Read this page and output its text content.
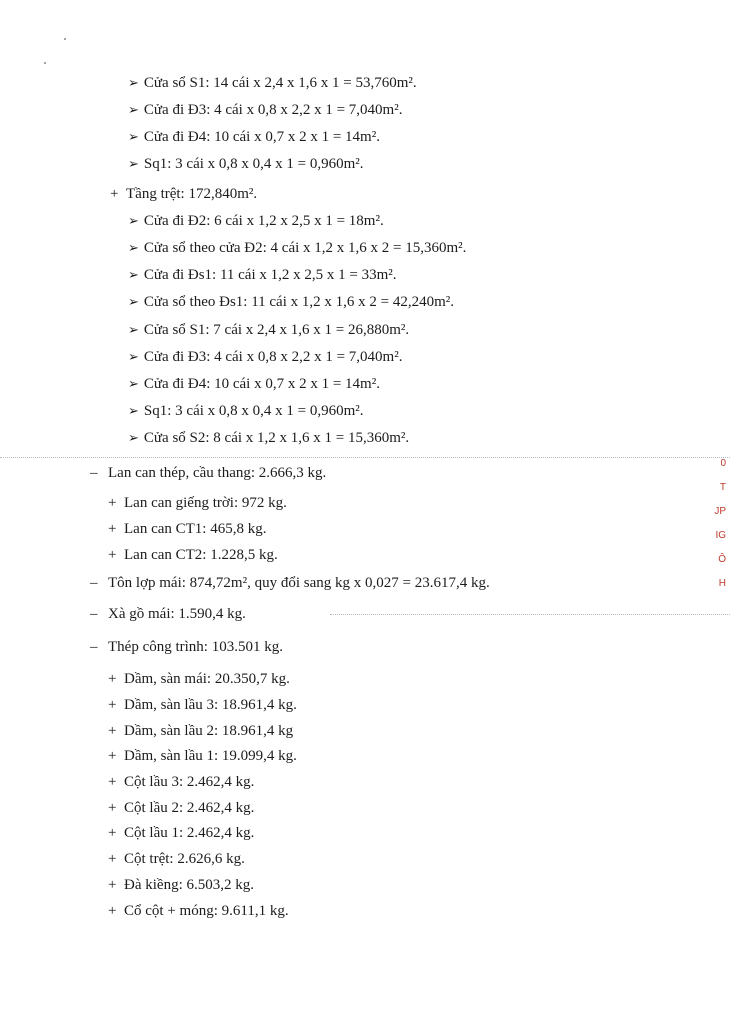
➢ Cửa sổ S1: 14 cái x 2,4 x 1,6 x 1 = 53,760m².
➢ Cửa đi Đ3: 4 cái x 0,8 x 2,2 x 1 = 7,040m².
➢ Cửa đi Đ4: 10 cái x 0,7 x 2 x 1 = 14m².
➢ Sq1: 3 cái x 0,8 x 0,4 x 1 = 0,960m².
+ Tầng trệt: 172,840m².
➢ Cửa đi Đ2: 6 cái x 1,2 x 2,5 x 1 = 18m².
➢ Cửa sổ theo cửa Đ2: 4 cái x 1,2 x 1,6 x 2 = 15,360m².
➢ Cửa đi Đs1: 11 cái x 1,2 x 2,5 x 1 = 33m².
➢ Cửa sổ theo Đs1: 11 cái x 1,2 x 1,6 x 2 = 42,240m².
➢ Cửa sổ S1: 7 cái x 2,4 x 1,6 x 1 = 26,880m².
➢ Cửa đi Đ3: 4 cái x 0,8 x 2,2 x 1 = 7,040m².
➢ Cửa đi Đ4: 10 cái x 0,7 x 2 x 1 = 14m².
➢ Sq1: 3 cái x 0,8 x 0,4 x 1 = 0,960m².
➢ Cửa sổ S2: 8 cái x 1,2 x 1,6 x 1 = 15,360m².
– Lan can thép, cầu thang: 2.666,3 kg.
+ Lan can giếng trời: 972 kg.
+ Lan can CT1: 465,8 kg.
+ Lan can CT2: 1.228,5 kg.
– Tôn lợp mái: 874,72m², quy đổi sang kg x 0,027 = 23.617,4 kg.
– Xà gồ mái: 1.590,4 kg.
– Thép công trình: 103.501 kg.
+ Dầm, sàn mái: 20.350,7 kg.
+ Dầm, sàn lầu 3: 18.961,4 kg.
+ Dầm, sàn lầu 2: 18.961,4 kg
+ Dầm, sàn lầu 1: 19.099,4 kg.
+ Cột lầu 3: 2.462,4 kg.
+ Cột lầu 2: 2.462,4 kg.
+ Cột lầu 1: 2.462,4 kg.
+ Cột trệt: 2.626,6 kg.
+ Đà kiềng: 6.503,2 kg.
+ Cổ cột + móng: 9.611,1 kg.
0
T
JP
IG
Ô
H
